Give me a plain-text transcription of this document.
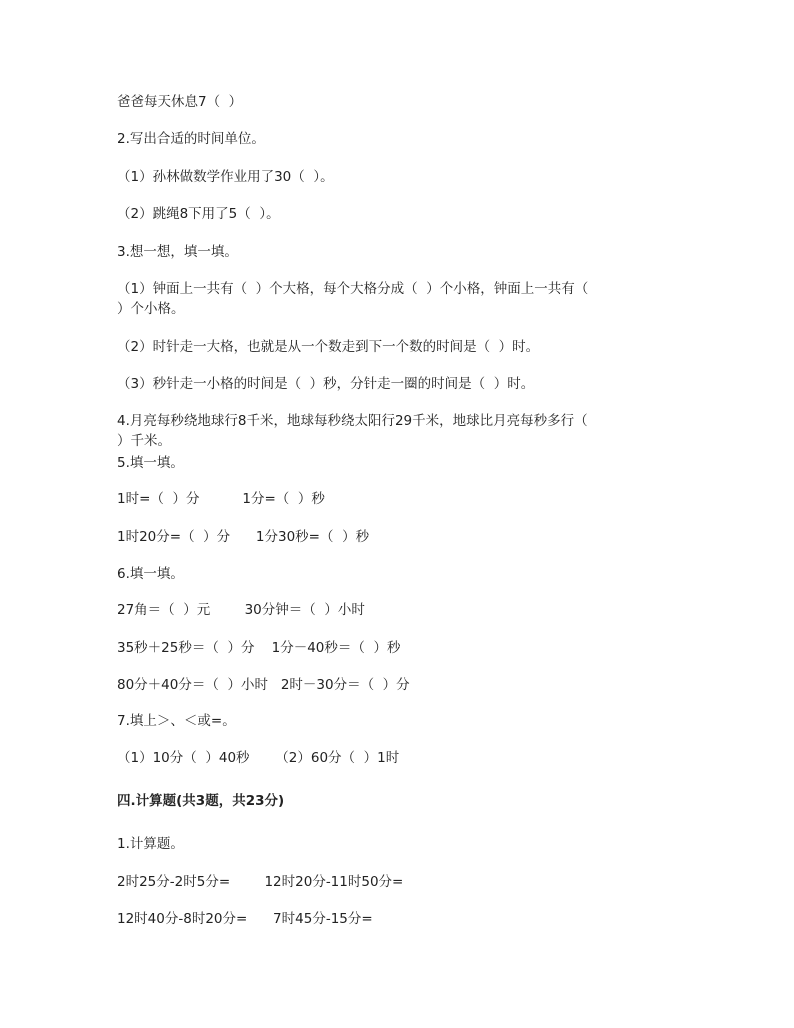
爸爸每天休息7（  ）
2.写出合适的时间单位。
（1）孙林做数学作业用了30（  ）。
（2）跳绳8下用了5（  ）。
3.想一想，填一填。
（1）钟面上一共有（  ）个大格，每个大格分成（  ）个小格，钟面上一共有（
）个小格。
（2）时针走一大格，也就是从一个数走到下一个数的时间是（  ）时。
（3）秒针走一小格的时间是（  ）秒，分针走一圈的时间是（  ）时。
4.月亮每秒绕地球行8千米，地球每秒绕太阳行29千米，地球比月亮每秒多行（
）千米。
5.填一填。
1时=（  ）分          1分=（  ）秒
1时20分=（  ）分      1分30秒=（  ）秒
6.填一填。
27角＝（  ）元        30分钟＝（  ）小时
35秒＋25秒＝（  ）分    1分－40秒＝（  ）秒
80分＋40分＝（  ）小时   2时－30分＝（  ）分
7.填上＞、＜或=。
（1）10分（  ）40秒      （2）60分（  ）1时
四.计算题(共3题，共23分)
1.计算题。
2时25分-2时5分=        12时20分-11时50分=
12时40分-8时20分=      7时45分-15分=
